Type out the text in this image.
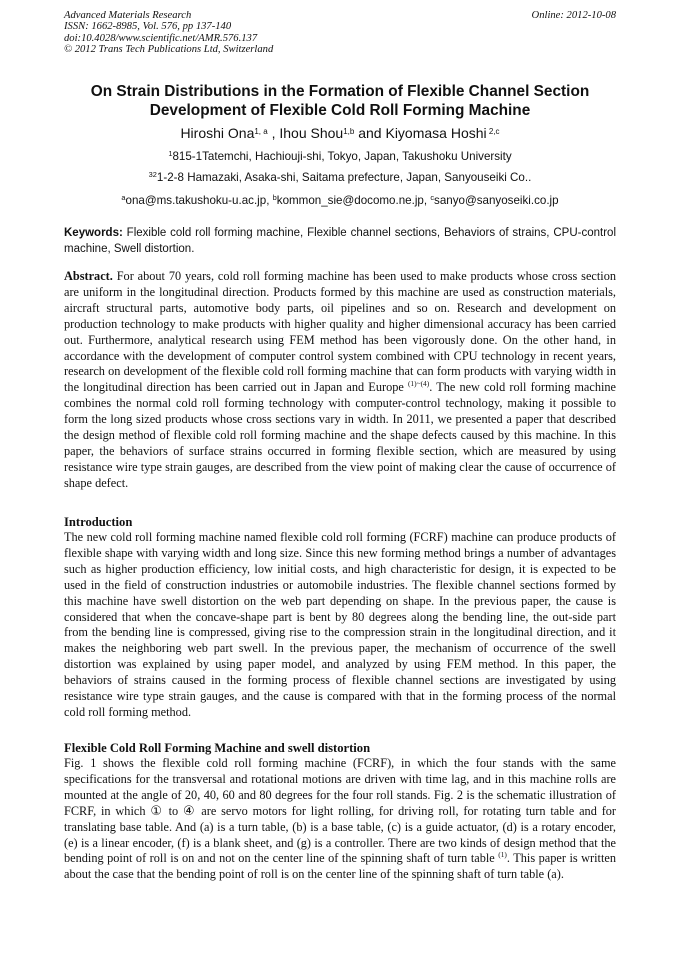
Advanced Materials Research
ISSN: 1662-8985, Vol. 576, pp 137-140
doi:10.4028/www.scientific.net/AMR.576.137
© 2012 Trans Tech Publications Ltd, Switzerland
Online: 2012-10-08
On Strain Distributions in the Formation of Flexible Channel Section
Development of Flexible Cold Roll Forming Machine
Hiroshi Ona$^{1, a}$ , Ihou Shou$^{1,b}$ and Kiyomasa Hoshi $^{2,c}$
$^1$815-1Tatemchi, Hachiouji-shi, Tokyo, Japan, Takushoku University
$^{32}$1-2-8 Hamazaki, Asaka-shi, Saitama prefecture, Japan, Sanyouseiki Co..
$^a$ona@ms.takushoku-u.ac.jp, $^b$kommon_sie@docomo.ne.jp, $^c$sanyo@sanyoseiki.co.jp
Keywords: Flexible cold roll forming machine, Flexible channel sections, Behaviors of strains, CPU-control machine, Swell distortion.
Abstract. For about 70 years, cold roll forming machine has been used to make products whose cross section are uniform in the longitudinal direction. Products formed by this machine are used as construction materials, aircraft structural parts, automotive body parts, oil pipelines and so on. Research and development on production technology to make products with higher quality and higher dimensional accuracy has been carried out. Furthermore, analytical research using FEM method has been vigorously done. On the other hand, in accordance with the development of computer control system combined with CPU technology in recent years, research on development of the flexible cold roll forming machine that can form products with varying width in the longitudinal direction has been carried out in Japan and Europe $^{(1)\sim(4)}$. The new cold roll forming machine combines the normal cold roll forming technology with computer-control technology, making it possible to form the long sized products whose cross sections vary in width. In 2011, we presented a paper that described the design method of flexible cold roll forming machine and the shape defects caused by this machine. In this paper, the behaviors of surface strains occurred in forming flexible section, which are measured by using resistance wire type strain gauges, are described from the view point of making clear the cause of occurrence of shape defect.
Introduction
The new cold roll forming machine named flexible cold roll forming (FCRF) machine can produce products of flexible shape with varying width and long size. Since this new forming method brings a number of advantages such as higher production efficiency, low initial costs, and high characteristic for design, it is expected to be used in the field of construction industries or automobile industries. The flexible channel sections formed by this machine have swell distortion on the web part depending on shape. In the previous paper, the cause is considered that when the concave-shape part is bent by 80 degrees along the bending line, the out-side part from the bending line is compressed, giving rise to the compression strain in the longitudinal direction, and it makes the neighboring web part swell. In the previous paper, the mechanism of occurrence of the swell distortion was explained by using paper model, and analyzed by using FEM method. In this paper, the behaviors of strains caused in the forming process of flexible channel sections are investigated by using resistance wire type strain gauges, and the cause is compared with that in the forming process of the normal cold roll forming method.
Flexible Cold Roll Forming Machine and swell distortion
Fig. 1 shows the flexible cold roll forming machine (FCRF), in which the four stands with the same specifications for the transversal and rotational motions are driven with time lag, and in this machine rolls are mounted at the angle of 20, 40, 60 and 80 degrees for the four roll stands. Fig. 2 is the schematic illustration of FCRF, in which ① to ④ are servo motors for light rolling, for driving roll, for rotating turn table and for translating base table. And (a) is a turn table, (b) is a base table, (c) is a guide actuator, (d) is a rotary encoder, (e) is a linear encoder, (f) is a blank sheet, and (g) is a controller. There are two kinds of design method that the bending point of roll is on and not on the center line of the spinning shaft of turn table $^{(1)}$. This paper is written about the case that the bending point of roll is on the center line of the spinning shaft of turn table (a).
